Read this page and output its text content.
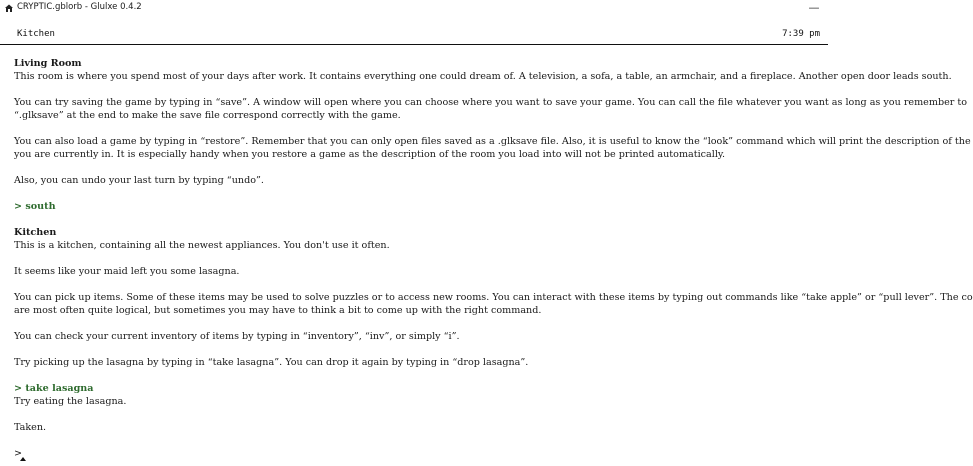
CRYPTIC.gblorb - Glulxe 0.4.2	—
Kitchen	7:39 pm
Living Room
This room is where you spend most of your days after work. It contains everything one could dream of. A television, a sofa, a table, an armchair, and a fireplace. Another open door leads south.
You can try saving the game by typing in “save”. A window will open where you can choose where you want to save your game. You can call the file whatever you want as long as you remember to
“.glksave” at the end to make the save file correspond correctly with the game.
You can also load a game by typing in “restore”. Remember that you can only open files saved as a .glksave file. Also, it is useful to know the “look” command which will print the description of the
you are currently in. It is especially handy when you restore a game as the description of the room you load into will not be printed automatically.
Also, you can undo your last turn by typing “undo”.
> south
Kitchen
This is a kitchen, containing all the newest appliances. You don't use it often.
It seems like your maid left you some lasagna.
You can pick up items. Some of these items may be used to solve puzzles or to access new rooms. You can interact with these items by typing out commands like “take apple” or “pull lever”. The co
are most often quite logical, but sometimes you may have to think a bit to come up with the right command.
You can check your current inventory of items by typing in “inventory”, “inv”, or simply “i”.
Try picking up the lasagna by typing in “take lasagna”. You can drop it again by typing in “drop lasagna”.
> take lasagna
Try eating the lasagna.
Taken.
>
